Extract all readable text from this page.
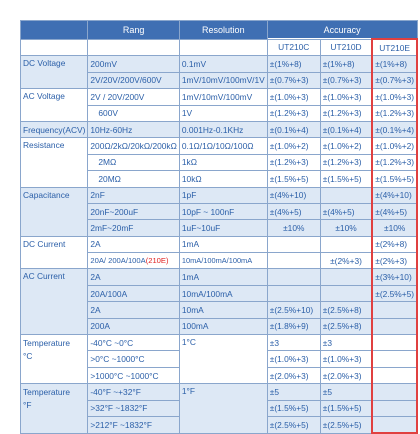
	Rang	Resolution	Accuracy		
			UT210C	UT210D	UT210E
DC Voltage	200mV	0.1mV	±(1%+8)	±(1%+8)	±(1%+8)
	2V/20V/200V/600V	1mV/10mV/100mV/1V	±(0.7%+3)	±(0.7%+3)	±(0.7%+3)
AC Voltage	2V / 20V/200V	1mV/10mV/100mV	±(1.0%+3)	±(1.0%+3)	±(1.0%+3)
	600V	1V	±(1.2%+3)	±(1.2%+3)	±(1.2%+3)
Frequency(ACV)	10Hz-60Hz	0.001Hz-0.1KHz	±(0.1%+4)	±(0.1%+4)	±(0.1%+4)
Resistance	200Ω/2kΩ/20kΩ/200kΩ	0.1Ω/1Ω/10Ω/100Ω	±(1.0%+2)	±(1.0%+2)	±(1.0%+2)
	2MΩ	1kΩ	±(1.2%+3)	±(1.2%+3)	±(1.2%+3)
	20MΩ	10kΩ	±(1.5%+5)	±(1.5%+5)	±(1.5%+5)
Capacitance	2nF	1pF	±(4%+10)		±(4%+10)
	20nF~200uF	10pF ~ 100nF	±(4%+5)	±(4%+5)	±(4%+5)
	2mF~20mF	1uF~10uF	±10%	±10%	±10%
DC Current	2A	1mA			±(2%+8)
	20A/ 200A/100A(210E)	10mA/100mA/100mA		±(2%+3)	±(2%+3)
AC Current	2A	1mA			±(3%+10)
	20A/100A	10mA/100mA			±(2.5%+5)
	2A	10mA	±(2.5%+10)	±(2.5%+8)	
	200A	100mA	±(1.8%+9)	±(2.5%+8)	
Temperature
°C	-40°C ~0°C	1°C	±3	±3	
	>0°C ~1000°C		±(1.0%+3)	±(1.0%+3)	
	>1000°C ~1000°C		±(2.0%+3)	±(2.0%+3)	
Temperature
°F	-40°F ~+32°F	1°F	±5	±5	
	>32°F ~1832°F		±(1.5%+5)	±(1.5%+5)	
	>212°F ~1832°F		±(2.5%+5)	±(2.5%+5)	
